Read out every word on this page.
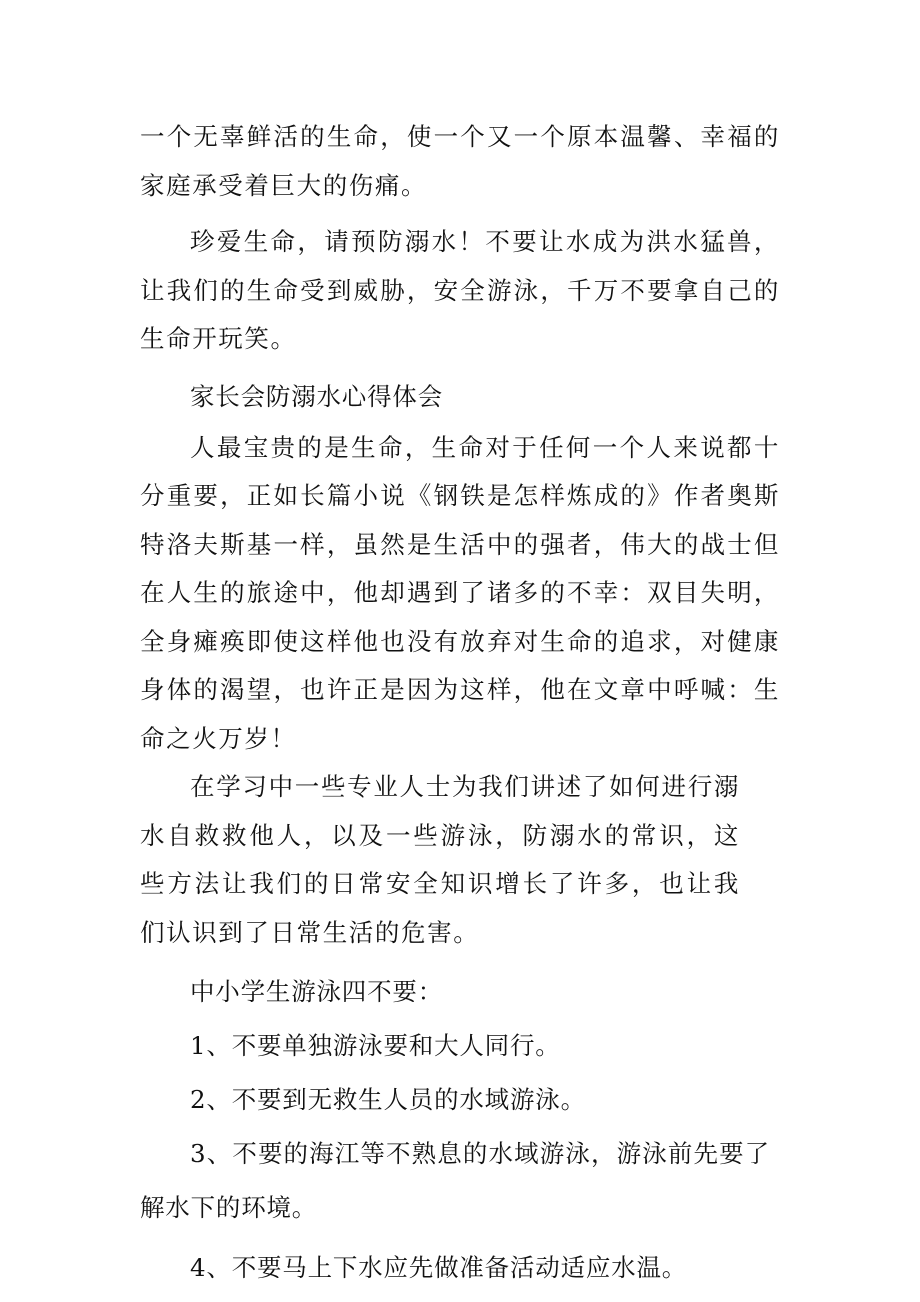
一个无辜鲜活的生命，使一个又一个原本温馨、幸福的家庭承受着巨大的伤痛。

珍爱生命，请预防溺水！不要让水成为洪水猛兽，让我们的生命受到威胁，安全游泳，千万不要拿自己的生命开玩笑。

家长会防溺水心得体会

人最宝贵的是生命，生命对于任何一个人来说都十分重要，正如长篇小说《钢铁是怎样炼成的》作者奥斯特洛夫斯基一样，虽然是生活中的强者，伟大的战士但在人生的旅途中，他却遇到了诸多的不幸：双目失明，全身瘫痪即使这样他也没有放弃对生命的追求，对健康身体的渴望，也许正是因为这样，他在文章中呼喊：生命之火万岁！

在学习中一些专业人士为我们讲述了如何进行溺水自救救他人，以及一些游泳，防溺水的常识，这些方法让我们的日常安全知识增长了许多，也让我们认识到了日常生活的危害。

中小学生游泳四不要：

1、不要单独游泳要和大人同行。

2、不要到无救生人员的水域游泳。

3、不要的海江等不熟息的水域游泳，游泳前先要了解水下的环境。

4、不要马上下水应先做准备活动适应水温。
